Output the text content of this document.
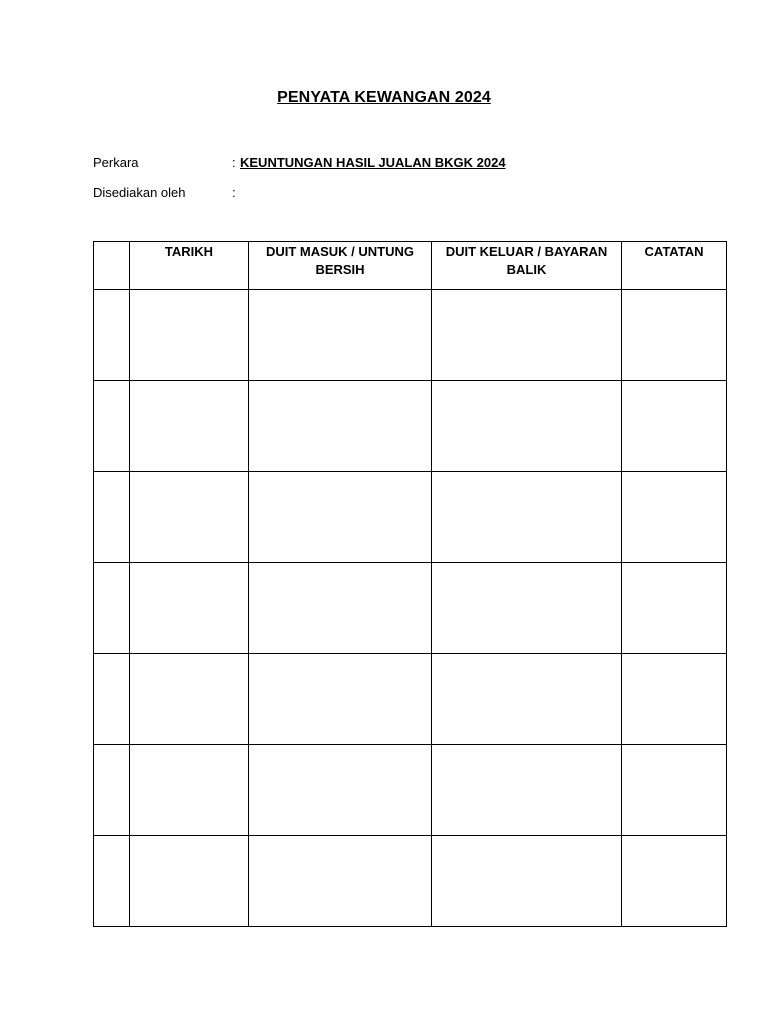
PENYATA KEWANGAN 2024
Perkara	: KEUNTUNGAN HASIL JUALAN BKGK 2024
Disediakan oleh	:
	TARIKH	DUIT MASUK / UNTUNG BERSIH	DUIT KELUAR / BAYARAN BALIK	CATATAN
